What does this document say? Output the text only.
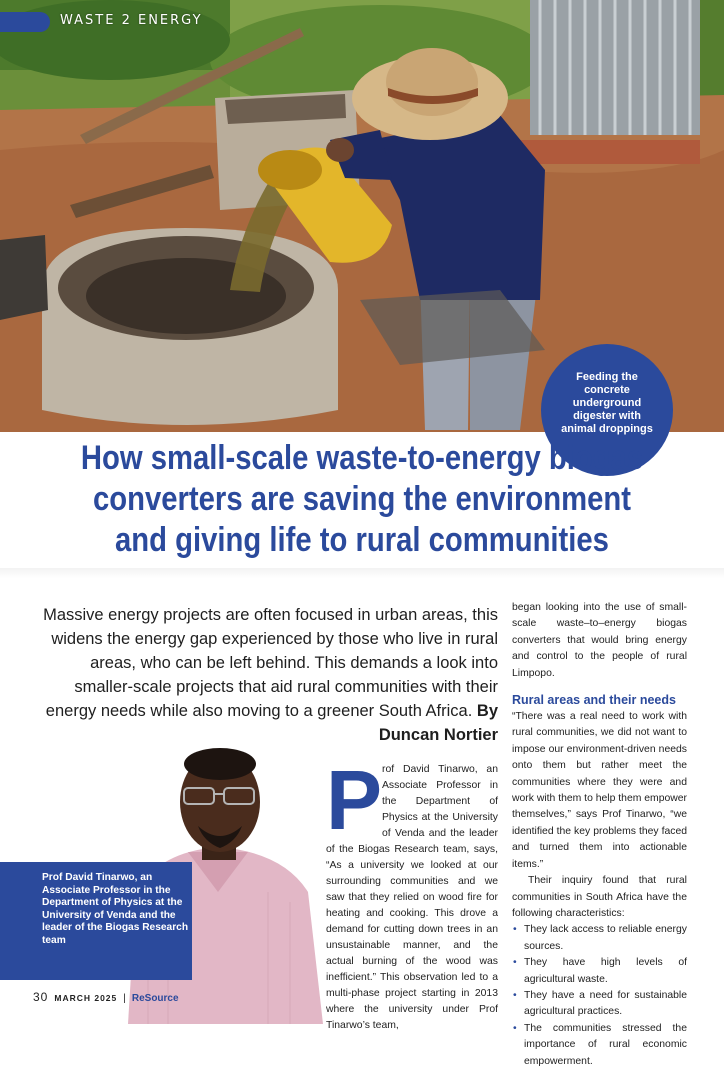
WASTE 2 ENERGY
Feeding the
concrete underground
digester with
animal droppings
How small-scale waste-to-energy biogas
converters are saving the environment
and giving life to rural communities

Massive energy projects are often focused in urban areas, this widens the energy gap experienced by those who live in rural areas, who can be left behind. This demands a look into smaller-scale projects that aid rural communities with their energy needs while also moving to a greener South Africa. By Duncan Nortier

Prof David Tinarwo, an Associate Professor in the Department of Physics at the University of Venda and the leader of the Biogas Research team
P rof David Tinarwo, an Associate Professor in the Department of Physics at the University of Venda and the leader of the Biogas Research team, says, “As a university we looked at our surrounding communities and we saw that they relied on wood fire for heating and cooking. This drove a demand for cutting down trees in an unsustainable manner, and the actual burning of the wood was inefficient.” This observation led to a multi-phase project starting in 2013 where the university under Prof Tinarwo’s team,

began looking into the use of small-scale waste–to–energy biogas converters that would bring energy and control to the people of rural Limpopo.

Rural areas and their needs

“There was a real need to work with rural communities, we did not want to impose our environment-driven needs onto them but rather meet the communities where they were and work with them to help them empower themselves,” says Prof Tinarwo, “we identified the key problems they faced and turned them into actionable items.”

Their inquiry found that rural communities in South Africa have the following characteristics:

• They lack access to reliable energy sources.
• They have high levels of agricultural waste.
• They have a need for sustainable agricultural practices.
• The communities stressed the importance of rural economic empowerment.
30 MARCH 2025 | ReSource
